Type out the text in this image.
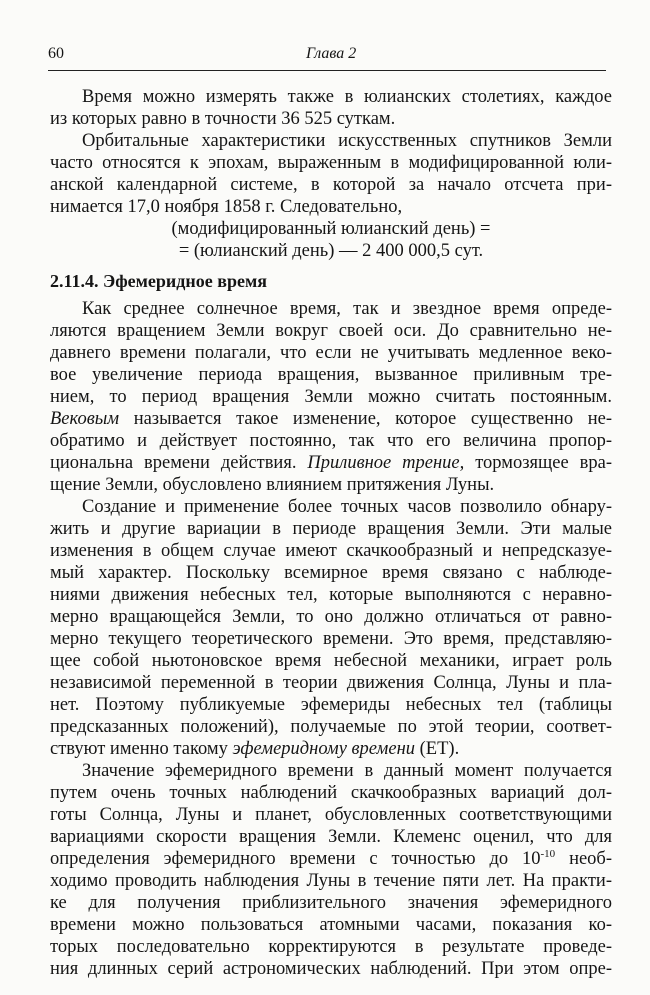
60	Глава 2
Время можно измерять также в юлианских столетиях, каждое
из которых равно в точности 36 525 суткам.
Орбитальные характеристики искусственных спутников Земли
часто относятся к эпохам, выраженным в модифицированной юли-
анской календарной системе, в которой за начало отсчета при-
нимается 17,0 ноября 1858 г. Следовательно,
(модифицированный юлианский день) =
= (юлианский день) — 2 400 000,5 сут.
2.11.4. Эфемеридное время
Как среднее солнечное время, так и звездное время опреде-
ляются вращением Земли вокруг своей оси. До сравнительно не-
давнего времени полагали, что если не учитывать медленное веко-
вое увеличение периода вращения, вызванное приливным тре-
нием, то период вращения Земли можно считать постоянным.
Вековым называется такое изменение, которое существенно не-
обратимо и действует постоянно, так что его величина пропор-
циональна времени действия. Приливное трение, тормозящее вра-
щение Земли, обусловлено влиянием притяжения Луны.
Создание и применение более точных часов позволило обнару-
жить и другие вариации в периоде вращения Земли. Эти малые
изменения в общем случае имеют скачкообразный и непредсказуе-
мый характер. Поскольку всемирное время связано с наблюде-
ниями движения небесных тел, которые выполняются с неравно-
мерно вращающейся Земли, то оно должно отличаться от равно-
мерно текущего теоретического времени. Это время, представляю-
щее собой ньютоновское время небесной механики, играет роль
независимой переменной в теории движения Солнца, Луны и пла-
нет. Поэтому публикуемые эфемериды небесных тел (таблицы
предсказанных положений), получаемые по этой теории, соответ-
ствуют именно такому эфемеридному времени (ЕТ).
Значение эфемеридного времени в данный момент получается
путем очень точных наблюдений скачкообразных вариаций дол-
готы Солнца, Луны и планет, обусловленных соответствующими
вариациями скорости вращения Земли. Клеменс оценил, что для
определения эфемеридного времени с точностью до $10^{-10}$ необ-
ходимо проводить наблюдения Луны в течение пяти лет. На практи-
ке для получения приблизительного значения эфемеридного
времени можно пользоваться атомными часами, показания ко-
торых последовательно корректируются в результате проведе-
ния длинных серий астрономических наблюдений. При этом опре-
